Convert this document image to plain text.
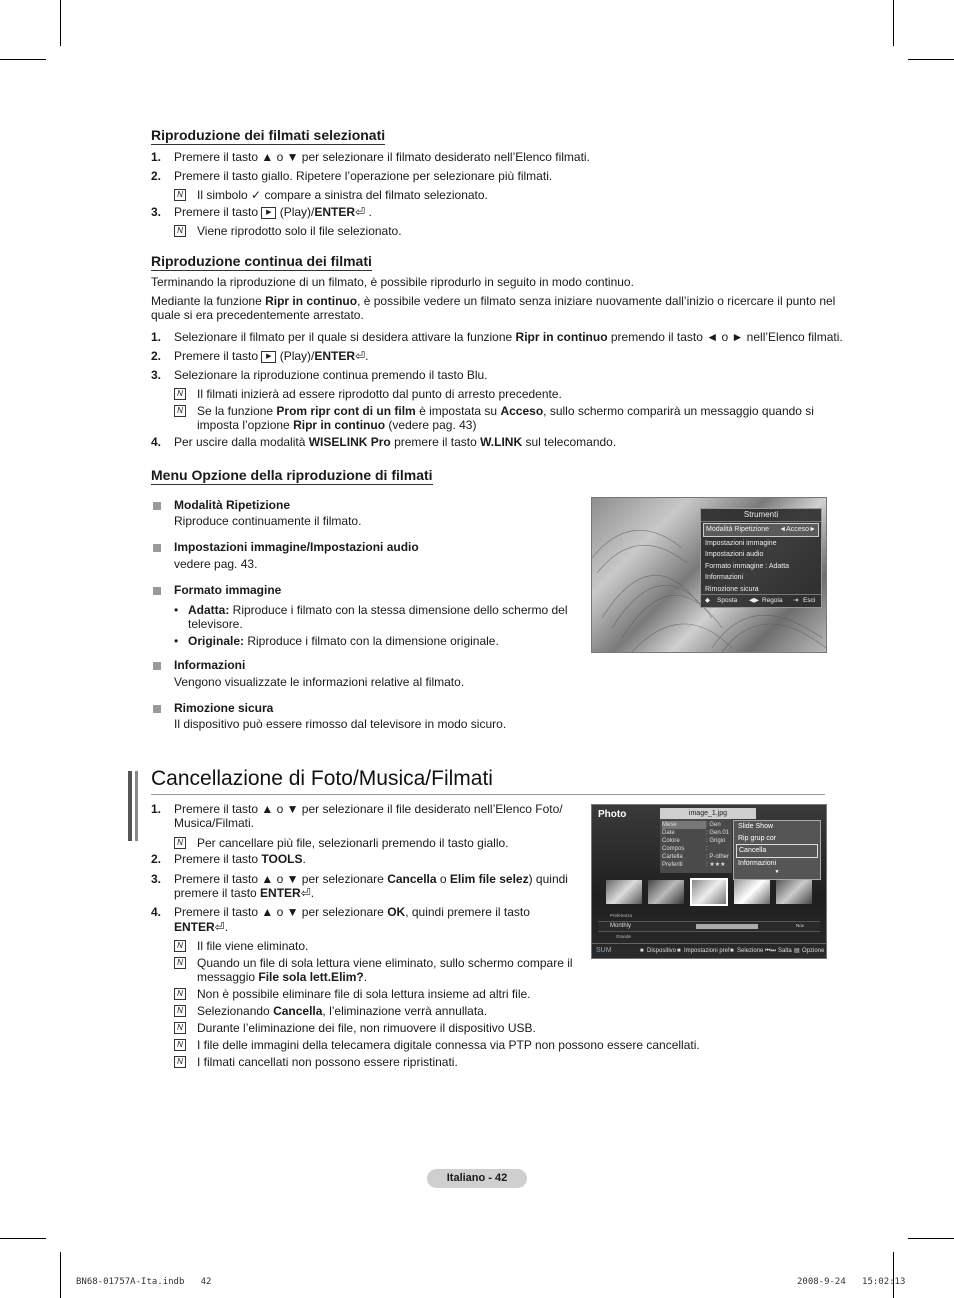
Riproduzione dei filmati selezionati
1. Premere il tasto ▲ o ▼ per selezionare il filmato desiderato nell’Elenco filmati.
2. Premere il tasto giallo. Ripetere l’operazione per selezionare più filmati.
N Il simbolo ✓ compare a sinistra del filmato selezionato.
3. Premere il tasto ▶ (Play)/ENTER⏎ .
N Viene riprodotto solo il file selezionato.
Riproduzione continua dei filmati
Terminando la riproduzione di un filmato, è possibile riprodurlo in seguito in modo continuo.
Mediante la funzione Ripr in continuo, è possibile vedere un filmato senza iniziare nuovamente dall’inizio o ricercare il punto nel
quale si era precedentemente arrestato.
1. Selezionare il filmato per il quale si desidera attivare la funzione Ripr in continuo premendo il tasto ◄ o ► nell’Elenco filmati.
2. Premere il tasto ▶ (Play)/ENTER⏎.
3. Selezionare la riproduzione continua premendo il tasto Blu.
N Il filmati inizierà ad essere riprodotto dal punto di arresto precedente.
N Se la funzione Prom ripr cont di un film è impostata su Acceso, sullo schermo comparirà un messaggio quando si
imposta l’opzione Ripr in continuo (vedere pag. 43)
4. Per uscire dalla modalità WISELINK Pro premere il tasto W.LINK sul telecomando.
Menu Opzione della riproduzione di filmati
Modalità Ripetizione
Riproduce continuamente il filmato.
Impostazioni immagine/Impostazioni audio
vedere pag. 43.
Formato immagine
• Adatta: Riproduce i filmato con la stessa dimensione dello schermo del
televisore.
• Originale: Riproduce i filmato con la dimensione originale.
Informazioni
Vengono visualizzate le informazioni relative al filmato.
Rimozione sicura
Il dispositivo può essere rimosso dal televisore in modo sicuro.
Strumenti
Modalità Ripetizione ◄Acceso►
Impostazioni immagine
Impostazioni audio
Formato immagine : Adatta
Informazioni
Rimozione sicura
◆ Sposta ◀▶ Regola ⇥ Esci
Cancellazione di Foto/Musica/Filmati
1. Premere il tasto ▲ o ▼ per selezionare il file desiderato nell’Elenco Foto/
Musica/Filmati.
N Per cancellare più file, selezionarli premendo il tasto giallo.
2. Premere il tasto TOOLS.
3. Premere il tasto ▲ o ▼ per selezionare Cancella o Elim file selez) quindi
premere il tasto ENTER⏎.
4. Premere il tasto ▲ o ▼ per selezionare OK, quindi premere il tasto
ENTER⏎.
N Il file viene eliminato.
N Quando un file di sola lettura viene eliminato, sullo schermo compare il
messaggio File sola lett.Elim?.
N Non è possibile eliminare file di sola lettura insieme ad altri file.
N Selezionando Cancella, l’eliminazione verrà annullata.
N Durante l’eliminazione dei file, non rimuovere il dispositivo USB.
N I file delle immagini della telecamera digitale connessa via PTP non possono essere cancellati.
N I filmati cancellati non possono essere ripristinati.
Photo	image_1.jpg
Mese	: Gen
Date	: Gen.01
Colore	: Grigio
Compos	:
Cartella	: P-other
Preferiti	: ★★★
Slide Show
Rip grup cor
Cancella
Informazioni
▼
Preferenza
Monthly	Nov
Grande
SUM	■ Dispositivo ■ Impostazioni pref ■ Selezione ⏮⏭ Salta ▤ Opzione
Italiano - 42
BN68-01757A-Ita.indb   42	2008-9-24   15:02:13
